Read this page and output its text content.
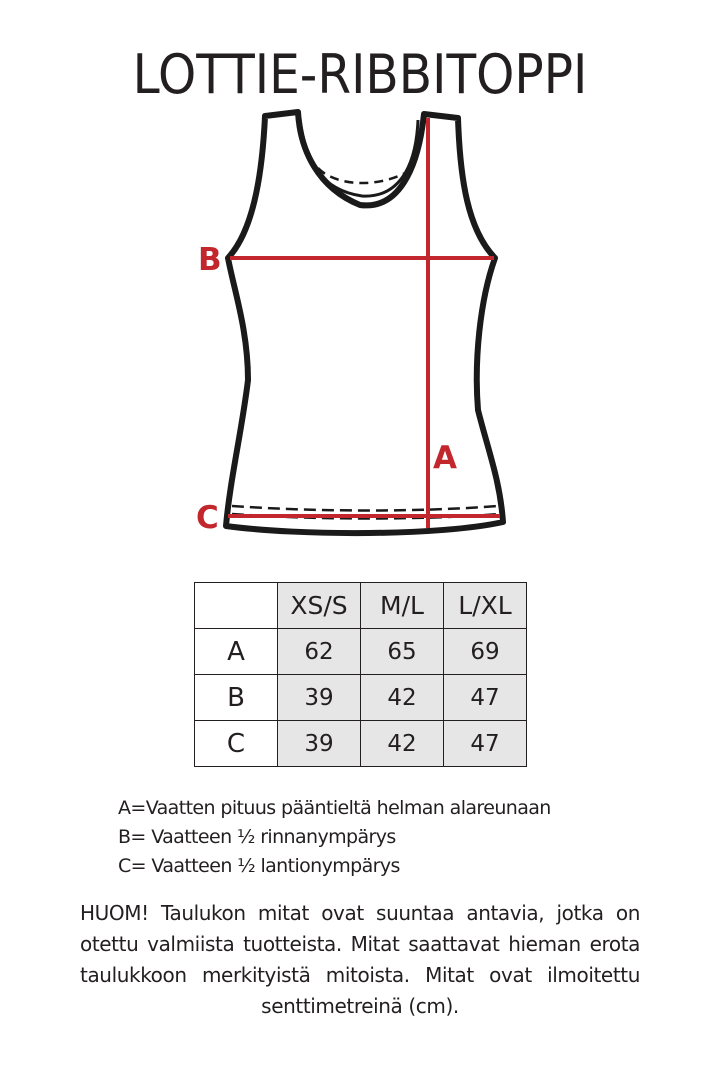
LOTTIE-RIBBITOPPI
B
A
C
	XS/S	M/L	L/XL
A	62	65	69
B	39	42	47
C	39	42	47
A=Vaatten pituus pääntieltä helman alareunaan
B= Vaatteen ½ rinnanympärys
C= Vaatteen ½ lantionympärys
HUOM! Taulukon mitat ovat suuntaa antavia, jotka on otettu valmiista tuotteista. Mitat saattavat hieman erota taulukkoon merkityistä mitoista. Mitat ovat ilmoitettu senttimetreinä (cm).
